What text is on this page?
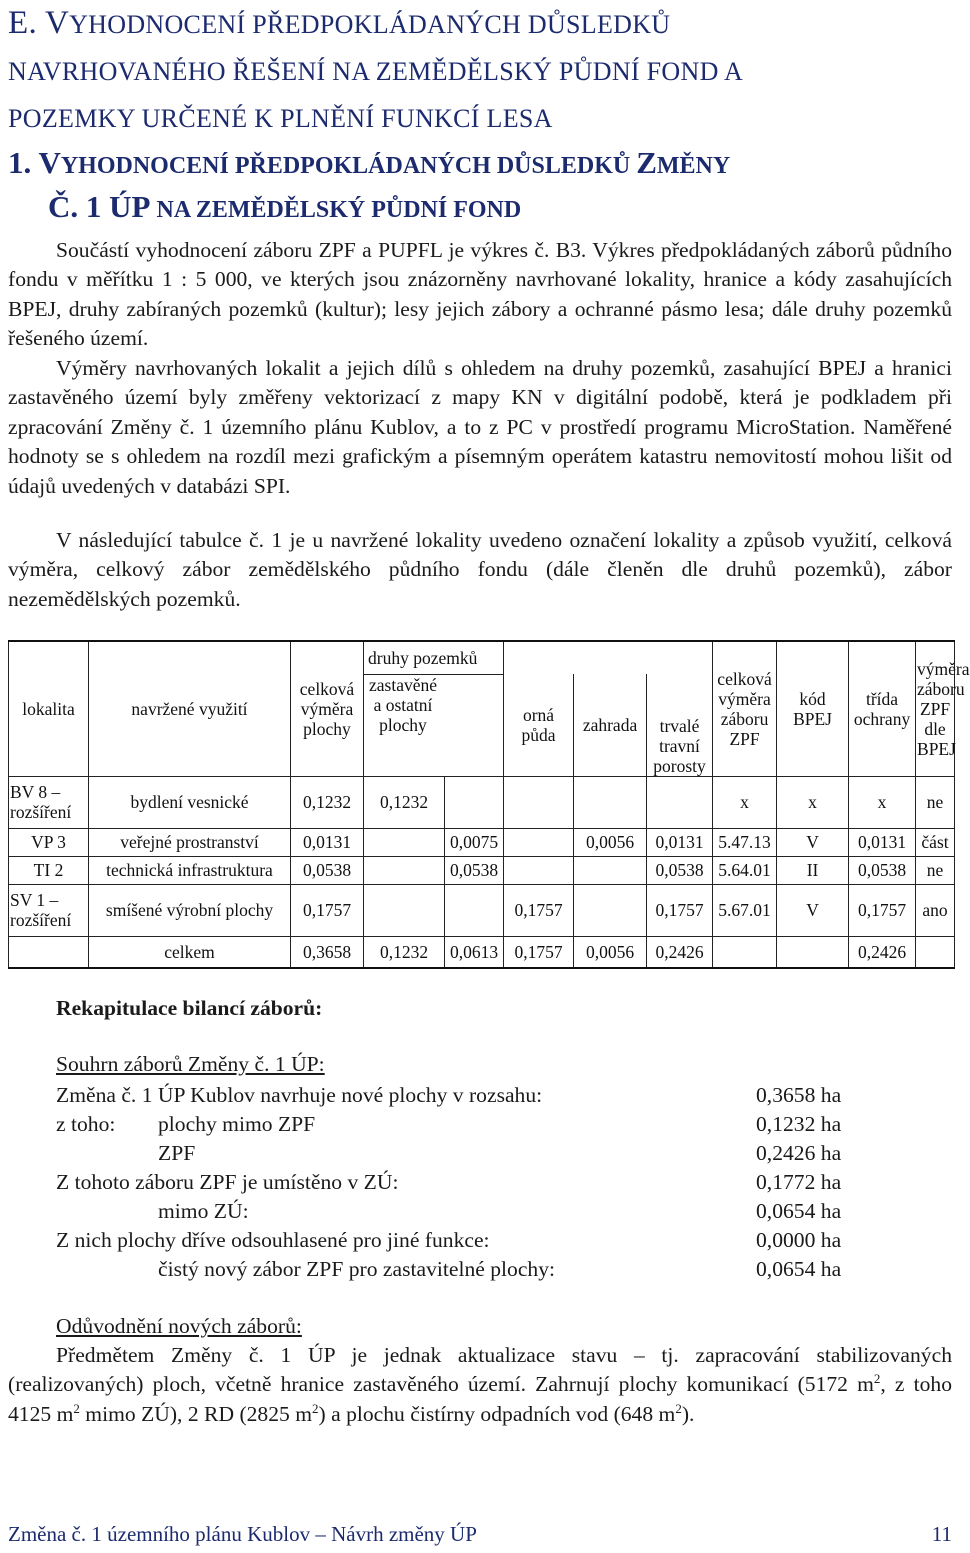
E. VYHODNOCENÍ PŘEDPOKLÁDANÝCH DŮSLEDKŮ
NAVRHOVANÉHO ŘEŠENÍ NA ZEMĚDĚLSKÝ PŮDNÍ FOND A
POZEMKY URČENÉ K PLNĚNÍ FUNKCÍ LESA
1. VYHODNOCENÍ PŘEDPOKLÁDANÝCH DŮSLEDKŮ ZMĚNY
Č. 1 ÚP NA ZEMĚDĚLSKÝ PŮDNÍ FOND
Součástí vyhodnocení záboru ZPF a PUPFL je výkres č. B3. Výkres předpokládaných záborů půdního fondu v měřítku 1 : 5 000, ve kterých jsou znázorněny navrhované lokality, hranice a kódy zasahujících BPEJ, druhy zabíraných pozemků (kultur); lesy jejich zábory a ochranné pásmo lesa; dále druhy pozemků řešeného území.
Výměry navrhovaných lokalit a jejich dílů s ohledem na druhy pozemků, zasahující BPEJ a hranici zastavěného území byly změřeny vektorizací z mapy KN v digitální podobě, která je podkladem při zpracování Změny č. 1 územního plánu Kublov, a to z PC v prostředí programu MicroStation. Naměřené hodnoty se s ohledem na rozdíl mezi grafickým a písemným operátem katastru nemovitostí mohou lišit od údajů uvedených v databázi SPI.
V následující tabulce č. 1 je u navržené lokality uvedeno označení lokality a způsob využití, celková výměra, celkový zábor zemědělského půdního fondu (dále členěn dle druhů pozemků), zábor nezemědělských pozemků.
lokalita	navržené využití	celková výměra plochy	druhy pozemků					celková výměra záboru ZPF	kód BPEJ	třída ochrany	výměra záboru ZPF dle BPEJ	
			zastavěné a ostatní plochy		orná půda	zahrada	trvalé travní porosty					
BV 8 – rozšíření	bydlení vesnické	0,1232	0,1232					x	x	x	ne	
VP 3	veřejné prostranství	0,0131		0,0075		0,0056	0,0131	5.47.13	V	0,0131	část	
TI 2	technická infrastruktura	0,0538		0,0538			0,0538	5.64.01	II	0,0538	ne	
SV 1 – rozšíření	smíšené výrobní plochy	0,1757			0,1757		0,1757	5.67.01	V	0,1757	ano	
	celkem	0,3658	0,1232	0,0613	0,1757	0,0056	0,2426			0,2426		
Rekapitulace bilancí záborů:
Souhrn záborů Změny č. 1 ÚP:
Změna č. 1 ÚP Kublov navrhuje nové plochy v rozsahu:	0,3658 ha
z toho: plochy mimo ZPF	0,1232 ha
ZPF	0,2426 ha
Z tohoto záboru ZPF je umístěno v ZÚ:	0,1772 ha
mimo ZÚ:	0,0654 ha
Z nich plochy dříve odsouhlasené pro jiné funkce:	0,0000 ha
čistý nový zábor ZPF pro zastavitelné plochy:	0,0654 ha
Odůvodnění nových záborů:
Předmětem Změny č. 1 ÚP je jednak aktualizace stavu – tj. zapracování stabilizovaných (realizovaných) ploch, včetně hranice zastavěného území. Zahrnují plochy komunikací (5172 $m^2$, z toho 4125 $m^2$ mimo ZÚ), 2 RD (2825 $m^2$) a plochu čistírny odpadních vod (648 $m^2$).
Změna č. 1 územního plánu Kublov – Návrh změny ÚP	11
